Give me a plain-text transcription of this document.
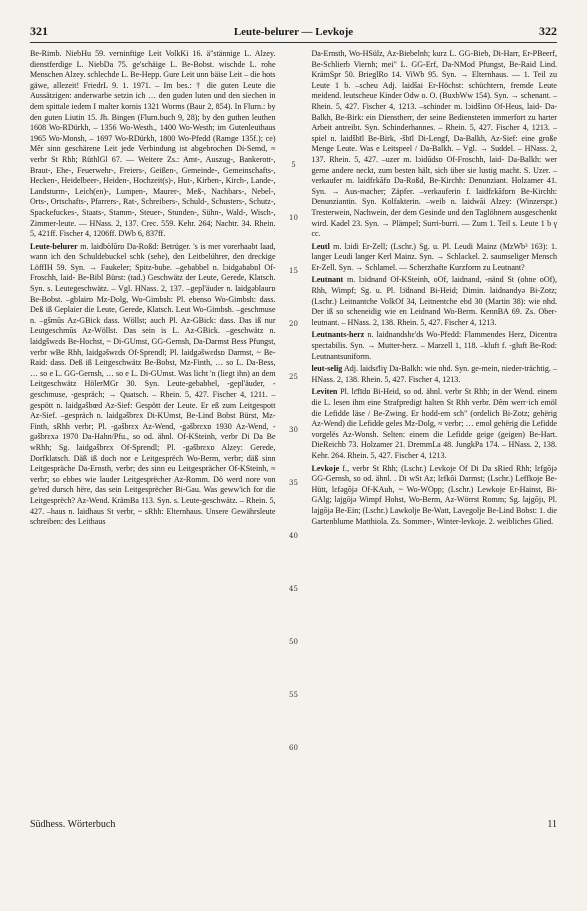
321	Leute-belurer — Levkoje	322

Be-Rimb. NiebHu 59. verninftige Leit VolkKi 16. ä"stännige L. Alzey. dienstferdige L. NiebDa 75. ge'schäige L. Be-Bobst. wischde L. rohe Menschen Alzey. schlechde L. Be-Hepp. Gure Leit unn bäise Leit – die hots gäwe, allezeit! FriedrL 9. 1. 1971. – Im bes.: † die guten Leute die Aussätzigen: anderwarbe setzin ich … den guden luten und den siechen in dem spittale iedem I malter kornis 1321 Worms (Baur 2, 854). In Flurn.: by den guten Liutin 15. Jh. Bingen (Flurn.buch 9, 28); by den guthen leuthen 1608 Wo-RDürkh, – 1356 Wo-Westh., 1400 Wo-Westh; im Gutenleuthaus 1965 Wo-Monsh, – 1697 Wo-RDürkh, 1800 Wo-Pfedd (Ramge 135f.); ce) Mêr sinn geschärene Leit jede Verbindung ist abgebrochen Di-Semd, ≈ verbr St Rhh; RüthlGl 67. — Weitere Zs.: Amt-, Auszug-, Bankerott-, Braut-, Ehe-, Feuerwehr-, Freiers-, Geißen-, Gemeinde-, Gemeinschafts-, Hecken-, Heidelbeer-, Heiden-, Hochzeit(s)-, Hut-, Kirben-, Kirch-, Lande-, Landsturm-, Leich(en)-, Lumpen-, Maurer-, Meß-, Nachbars-, Nebel-, Orts-, Ortschafts-, Pfarrers-, Rat-, Schreibers-, Schuld-, Schusters-, Schutz-, Spackefuckes-, Staats-, Stamm-, Steuer-, Stunden-, Sühn-, Wald-, Wisch-, Zimmer-leute. — HNass. 2, 137. Crec. 559. Kehr. 264; Nachtr. 34. Rhein. 5, 421ff. Fischer 4, 1206ff. DWb 6, 837ff.

Leute-belurer m. laidbòlūrɒ Da-Roßd: Betrüger. 's is mer vorerhaabt laad, wann ich den Schuldebuckel schk (sehe), den Leitbelührer, den dreckige LöffIH 59. Syn. → Faukeler; Spitz-bube. –gebabbel n. lɔidgəbabɒl Of-Froschh, laid- Be-Bibl Bürst: (tad.) Geschwätz der Leute, Gerede, Klatsch. Syn. s. Leutegeschwätz. – Vgl. HNass. 2, 137. –gepl'äuder n. laidgəblaurɒ Be-Bobst. –gblairɒ Mz-Dolg, Wo-Gimbsh: Pl. ebenso Wo-Gimbsh: dass. Deß iß Geplaier die Leute, Gerede, Klatsch. Leut Wo-Gimbsh. –geschmuse n. –gšmūs Az-GBick dass. Wöllst; auch Pl. Az-GBick: dass. Das iß nur Leutgeschmūs Az-Wöllst. Das sein is L. Az-GBick. –geschwätz n. laidgšwɛds Be-Hochst, ~ Di-GUmst, GG-Gernsh, Da-Darmst Bess Pfungst, verbr wBe Rhh, laidgəšwɛds Of-Sprendl; Pl. laidgəšwɛdsɒ Darmst, ~ Be-Raid: dass. Deß iß Leitgeschwätz Be-Bobst, Mz-Finth, … so L. Da-Bess, … so e L. GG-Gernsh, … so e L. Di-GUmst. Was licht 'n (liegt ihn) an dem Leitgeschwätz HölerMGr 30. Syn. Leute-gebabbel, -gepl'äuder, -geschmuse, -gespräch; → Quatsch. – Rhein. 5, 427. Fischer 4, 1211. –gespött n. laidgəšbœd Az-Sief: Gespött der Leute. Er eß zum Leitgespott Az-Sief. –gespräch n. laidgəšbrɛx Di-KUmst, Be-Lind Bobst Bürst, Mz-Finth, sRhh verbr; Pl. -gəšbrɛx Az-Wend, -gəšbrɛxɒ 1930 Az-Wend, -gəšbrɛxə 1970 Da-Hahn/Pfu., so od. ähnl. Of-KSteinh, verbr Di Da Be wRhh; Sg. laidgəšbrɛx Of-Sprendl; Pl. -gəšbrɛxɒ Alzey: Gerede, Dorfklatsch. Däß iß doch nor e Leitgesprëch Wo-Berm, verbr; däß sinn Leitgespräche Da-Ernsth, verbr; des sinn eu Leitgesprächer Of-KSteinh, ≈ verbr; so ebbes wie lauder Leitgesprëcher Az-Romm. Dö werd nore von ge'red dursch hëre, das sein Leitgesprëcher Bi-Gau. Was geww'ich for die Leitgesprëch? Az-Wend. KrämBa 113. Syn. s. Leute-geschwätz. – Rhein. 5, 427. –haus n. laidhaus St verbr, ~ sRhh: Elternhaus. Unsere Gewährsleute schreiben: des Leithaus

5
10
15
20
25
30
35
40
45
50
55
60

Da-Ernsth, Wo-HSülz, Az-Biebelnh; kurz L. GG-Bieb, Di-Harr, Er-PBeerf, Be-Schlierb Viernh; mei" L. GG-Erf, Da-NMod Pfungst, Be-Raid Lind. KrämSpr 50. BrieglRo 14. ViWb 95. Syn. → Elternhaus. — 1. Teil zu Leute 1 b. –scheu Adj. laidšai Er-Höchst: schüchtern, fremde Leute meidend. leutscheue Kinder Odw o. O. (BuxbWw 154). Syn. → schenant. – Rhein. 5, 427. Fischer 4, 1213. –schinder m. lɔidšinɒ Of-Heus, laid- Da-Balkh, Be-Birk: ein Dienstherr, der seine Bediensteten immerfort zu harter Arbeit antreibt. Syn. Schinderhannes. – Rhein. 5, 427. Fischer 4, 1213. –spiel n. laidšbīl Be-Birk, -šbīl Di-Lengf, Da-Balkh, Az-Sief: eine große Menge Leute. Was e Leitspeel / Da-Balkh. – Vgl. → Suddel. – HNass. 2, 137. Rhein. 5, 427. –uzer m. lɔidūdsɒ Of-Froschh, laid- Da-Balkh: wer gerne andere neckt, zum besten hält, sich über sie lustig macht. S. Uzer. –verkaufer m. laidfɛkāfɒ Da-Roßd, Be-Kirchh: Denunziant. Holzamer 41. Syn. → Aus-macher; Zäpfer. –verkauferin f. laidfɛkāfɒrn Be-Kirchh: Denunziantin. Syn. Kolfakterin. –weib n. laidwāi Alzey: (Winzerspr.) Tresterwein, Nachwein, der dem Gesinde und den Taglöhnern ausgeschenkt wird. Kadel 23. Syn. → Plämpel; Surri-burri. — Zum 1. Teil s. Leute 1 b γ cc.

Leutl m. lɔidi Er-Zell; (Lschr.) Sg. u. Pl. Leudi Mainz (MzWb³ 163): 1. langer Leudi langer Kerl Mainz. Syn. → Schlackel. 2. saumseliger Mensch Er-Zell. Syn. → Schlamel. — Scherzhafte Kurzform zu Leutnant?

Leutnant m. lɔidnand Of-KSteinh, oOf, laidnand, -nänd St (ohne oOf), Rhh, Wimpf; Sg. u. Pl. lɔ̈dnand Bi-Heid; Dimin. laidnandyə Bi-Zotz; (Lschr.) Leitnantche VolkOf 34, Leitnentche ebd 30 (Martin 38): wie nhd. Der iß so scheneidig wie en Leidnand Wo-Berm. KennBA 69. Zs. Ober-leutnant. – HNass. 2, 138. Rhein. 5, 427. Fischer 4, 1213.

Leutnants-herz n. laidnandshɛ'ds Wo-Pfedd: Flammendes Herz, Dicentra spectabilis. Syn. → Mutter-herz. – Marzell 1, 118. –kluft f. -gluft Be-Rod: Leutnantsuniform.

leut-selig Adj. laidsɛ̄liɣ Da-Balkh: wie nhd. Syn. ge-mein, nieder-trächtig. – HNass. 2, 138. Rhein. 5, 427. Fischer 4, 1213.

Leviten Pl. lɛ̄fīdɒ Bi-Heid, so od. ähnl. verbr St Rhh; in der Wend. einem die L. lesen ihm eine Strafpredigt halten St Rhh verbr. Dêm werr·ich emöl die Lefidde läse / Be-Zwing. Er hodd-em sch" (ordelich Bi-Zotz; gehërig Az-Wend) die Lefidde geles Mz-Dolg, ≈ verbr; … emol gehërig die Lefidde vorgelës Az-Wonsh. Selten: einem die Lefidde geige (geigen) Be-Hart. DieReichb 73. Holzamer 21. DremmLa 48. JungkPa 174. – HNass. 2, 138. Kehr. 264. Rhein. 5, 427. Fischer 4, 1213.

Levkoje f., verbr St Rhh; (Lschr.) Levkoje Of Di Da sRied Rhh; lɛfgōjə GG-Gernsh, so od. ähnl. . Di wSt Az; lɛfkōi Darmst; (Lschr.) Leffkoje Be-Hütt, lɛfəgōjə Of-KAuh, ~ Wo-WOpp; (Lschr.) Lewkoje Er-Hainst, Bi-GAlg; lajgōjə Wimpf Hohst, Wo-Berm, Az-Wörrst Romm; Sg. lajgōjɪ, Pl. lajgōjə Be-Ein; (Lschr.) Lawkolje Be-Watt, Lavegolje Be-Lind Bobst: 1. die Gartenblume Matthiola. Zs. Sommer-, Winter-levkoje. 2. weibliches Glied.

Südhess. Wörterbuch	11
